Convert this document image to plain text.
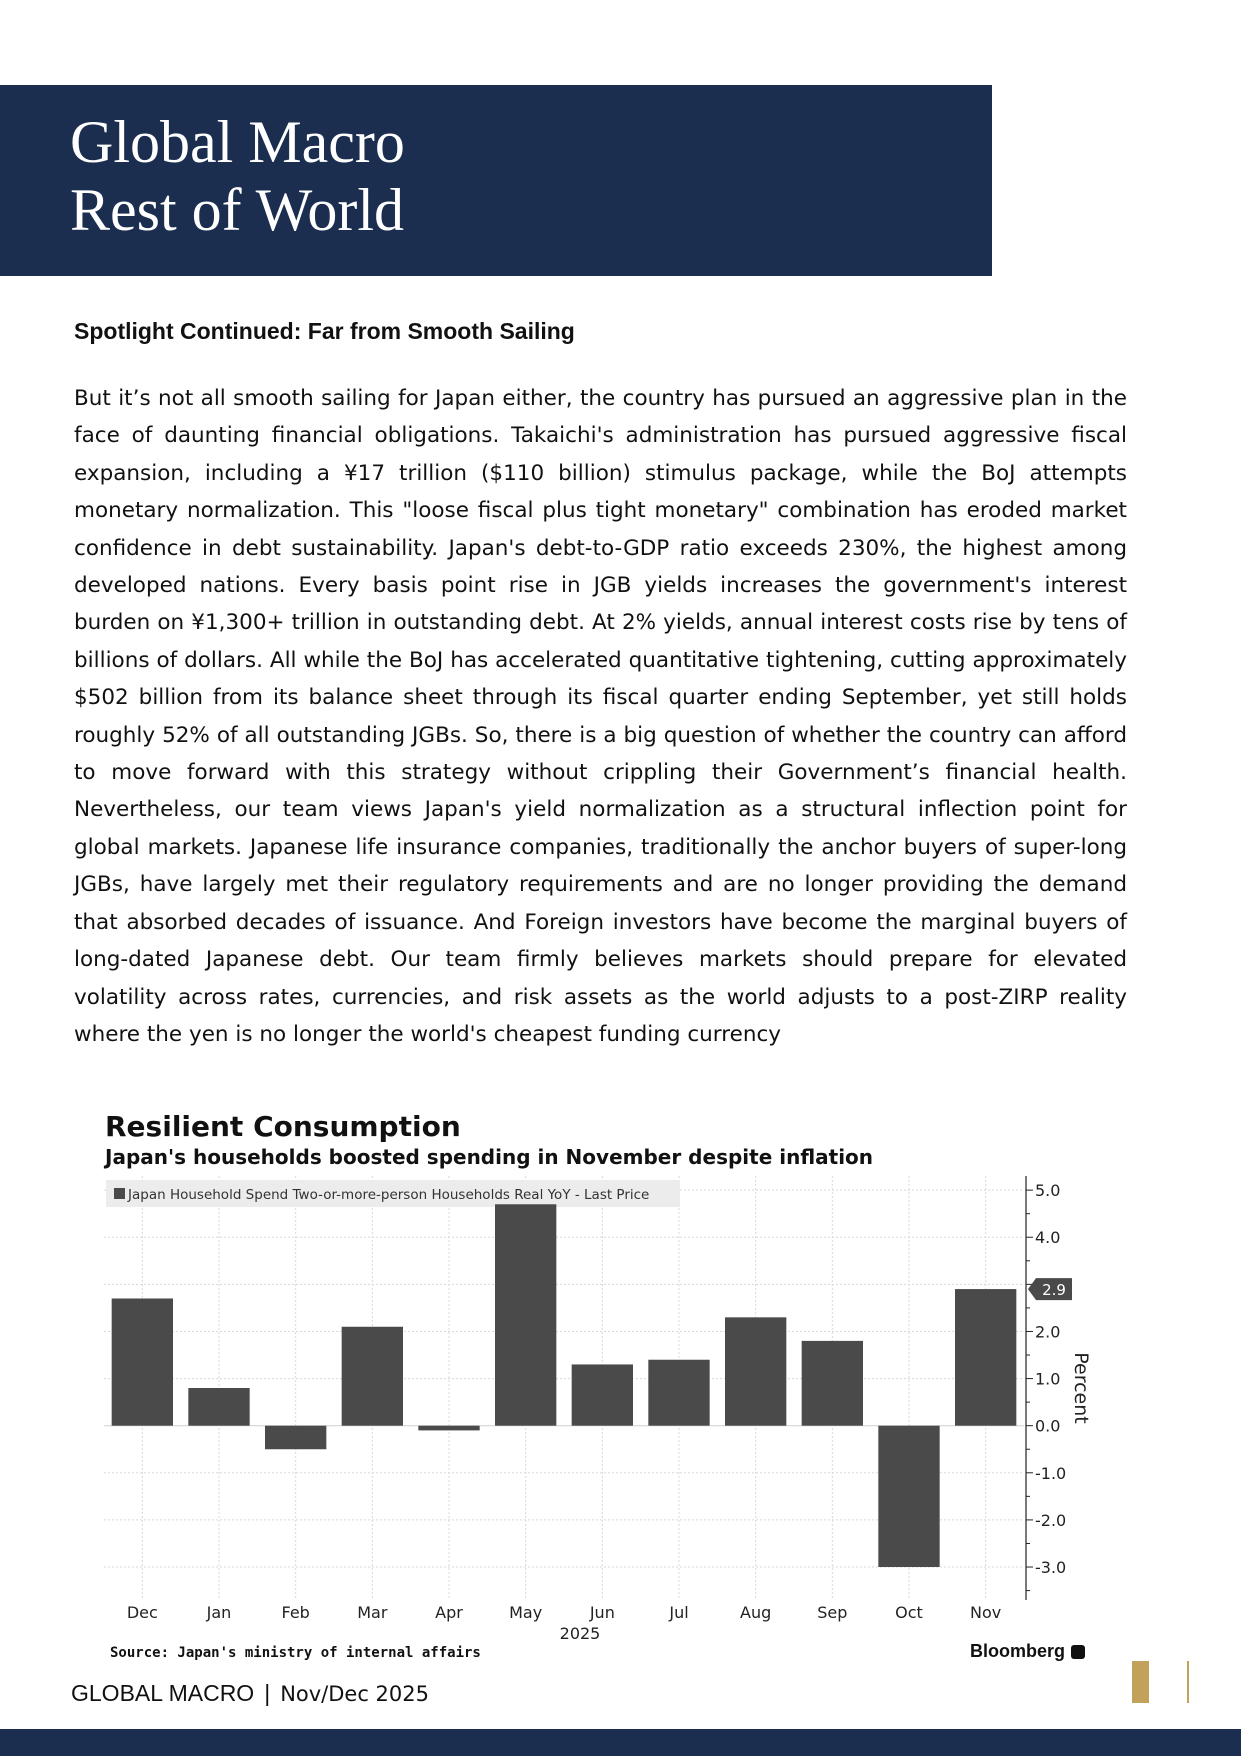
Global Macro
Rest of World
Spotlight Continued: Far from Smooth Sailing

But it’s not all smooth sailing for Japan either, the country has pursued an aggressive plan in the face of daunting financial obligations. Takaichi's administration has pursued aggressive fiscal expansion, including a ¥17 trillion ($110 billion) stimulus package, while the BoJ attempts monetary normalization. This "loose fiscal plus tight monetary" combination has eroded market confidence in debt sustainability. Japan's debt-to-GDP ratio exceeds 230%, the highest among developed nations. Every basis point rise in JGB yields increases the government's interest burden on ¥1,300+ trillion in outstanding debt. At 2% yields, annual interest costs rise by tens of billions of dollars. All while the BoJ has accelerated quantitative tightening, cutting approximately $502 billion from its balance sheet through its fiscal quarter ending September, yet still holds roughly 52% of all outstanding JGBs. So, there is a big question of whether the country can afford to move forward with this strategy without crippling their Government’s financial health. Nevertheless, our team views Japan's yield normalization as a structural inflection point for global markets. Japanese life insurance companies, traditionally the anchor buyers of super-long JGBs, have largely met their regulatory requirements and are no longer providing the demand that absorbed decades of issuance. And Foreign investors have become the marginal buyers of long-dated Japanese debt. Our team firmly believes markets should prepare for elevated volatility across rates, currencies, and risk assets as the world adjusts to a post-ZIRP reality where the yen is no longer the world's cheapest funding currency

Resilient Consumption
Japan's households boosted spending in November despite inflation
Japan Household Spend Two-or-more-person Households Real YoY - Last Price	5.0
4.0
2.0
1.0
0.0
-1.0
-2.0
-3.0
2.9
Dec	Jan	Feb	Mar	Apr	May	Jun	Jul	Aug	Sep	Oct	Nov
2025
Percent
Source: Japan's ministry of internal affairs	Bloomberg
GLOBAL MACRO | Nov/Dec 2025
